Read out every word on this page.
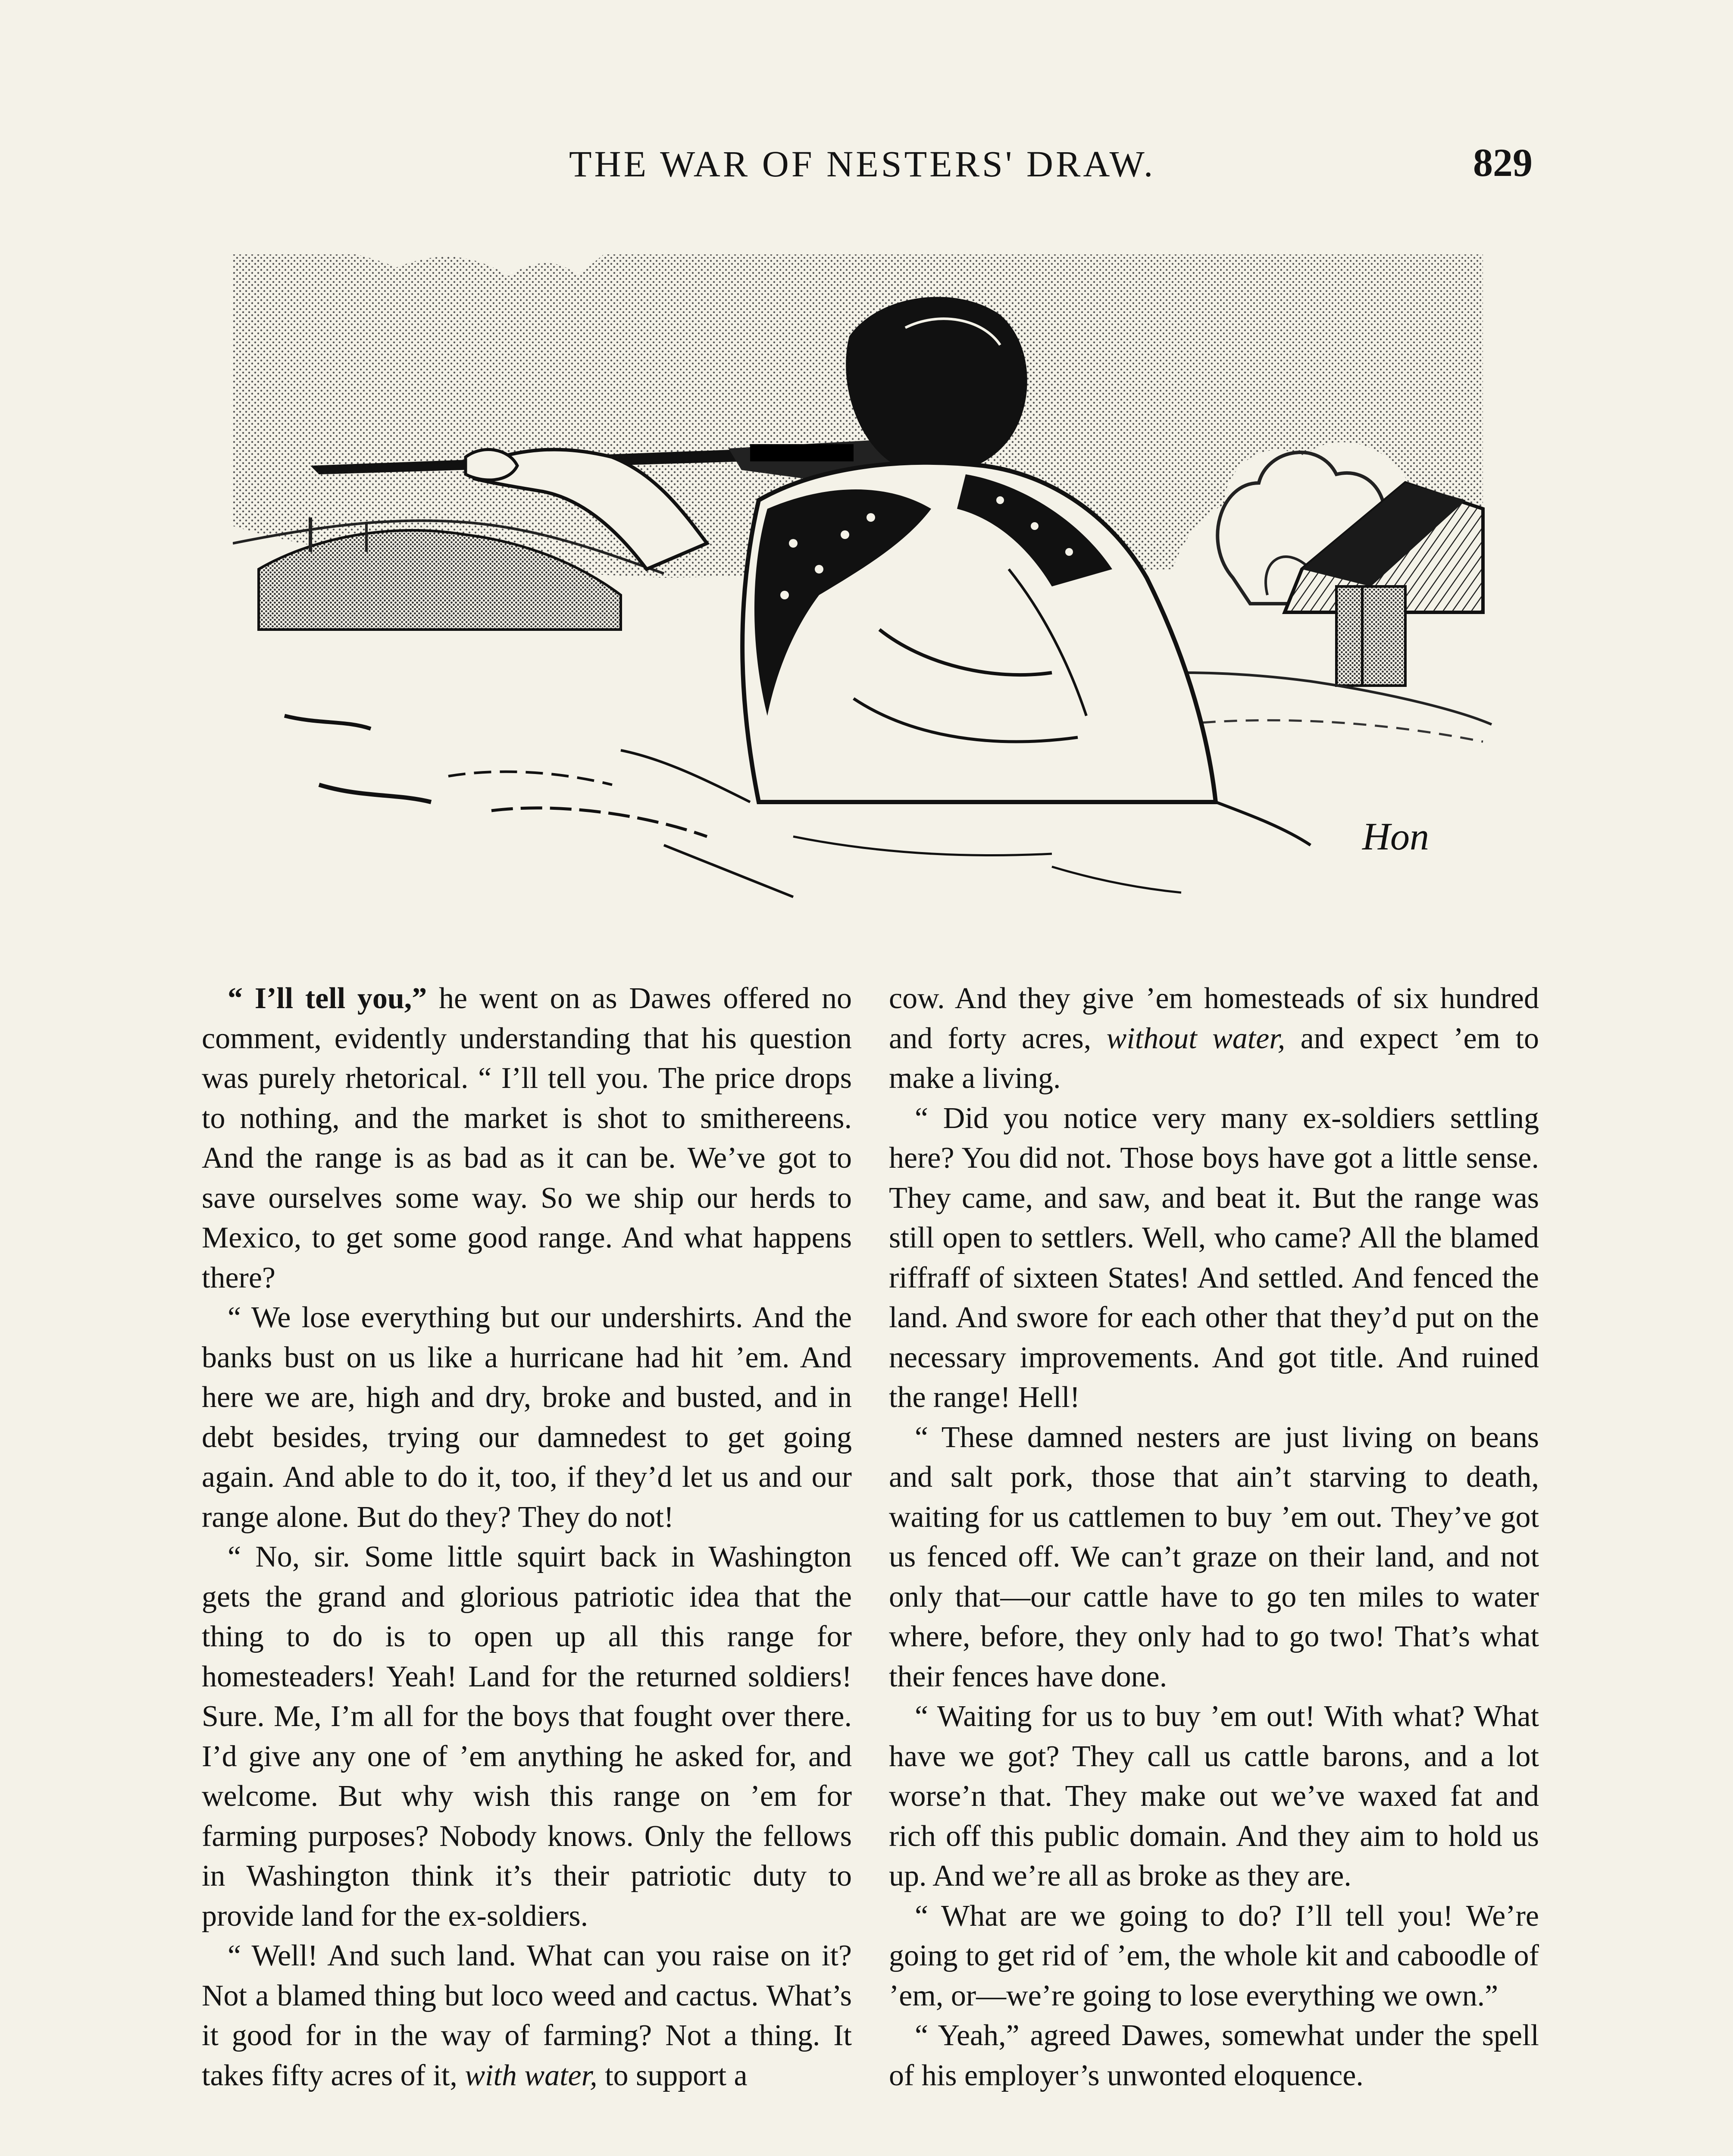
THE WAR OF NESTERS' DRAW.	829
Hon

“ I’ll tell you,” he went on as Dawes offered no comment, evidently understanding that his question was purely rhetorical. “ I’ll tell you. The price drops to nothing, and the market is shot to smithereens. And the range is as bad as it can be. We’ve got to save ourselves some way. So we ship our herds to Mexico, to get some good range. And what happens there?

“ We lose everything but our undershirts. And the banks bust on us like a hurricane had hit ’em. And here we are, high and dry, broke and busted, and in debt besides, trying our damnedest to get going again. And able to do it, too, if they’d let us and our range alone. But do they? They do not!

“ No, sir. Some little squirt back in Washington gets the grand and glorious patriotic idea that the thing to do is to open up all this range for homesteaders! Yeah! Land for the returned soldiers! Sure. Me, I’m all for the boys that fought over there. I’d give any one of ’em anything he asked for, and welcome. But why wish this range on ’em for farming purposes? Nobody knows. Only the fellows in Washington think it’s their patriotic duty to provide land for the ex-soldiers.

“ Well! And such land. What can you raise on it? Not a blamed thing but loco weed and cactus. What’s it good for in the way of farming? Not a thing. It takes fifty acres of it, with water, to support a

cow. And they give ’em homesteads of six hundred and forty acres, without water, and expect ’em to make a living.

“ Did you notice very many ex-soldiers settling here? You did not. Those boys have got a little sense. They came, and saw, and beat it. But the range was still open to settlers. Well, who came? All the blamed riffraff of sixteen States! And settled. And fenced the land. And swore for each other that they’d put on the necessary improvements. And got title. And ruined the range! Hell!

“ These damned nesters are just living on beans and salt pork, those that ain’t starving to death, waiting for us cattlemen to buy ’em out. They’ve got us fenced off. We can’t graze on their land, and not only that—our cattle have to go ten miles to water where, before, they only had to go two! That’s what their fences have done.

“ Waiting for us to buy ’em out! With what? What have we got? They call us cattle barons, and a lot worse’n that. They make out we’ve waxed fat and rich off this public domain. And they aim to hold us up. And we’re all as broke as they are.

“ What are we going to do? I’ll tell you! We’re going to get rid of ’em, the whole kit and caboodle of ’em, or—we’re going to lose everything we own.”

“ Yeah,” agreed Dawes, somewhat under the spell of his employer’s unwonted eloquence.
